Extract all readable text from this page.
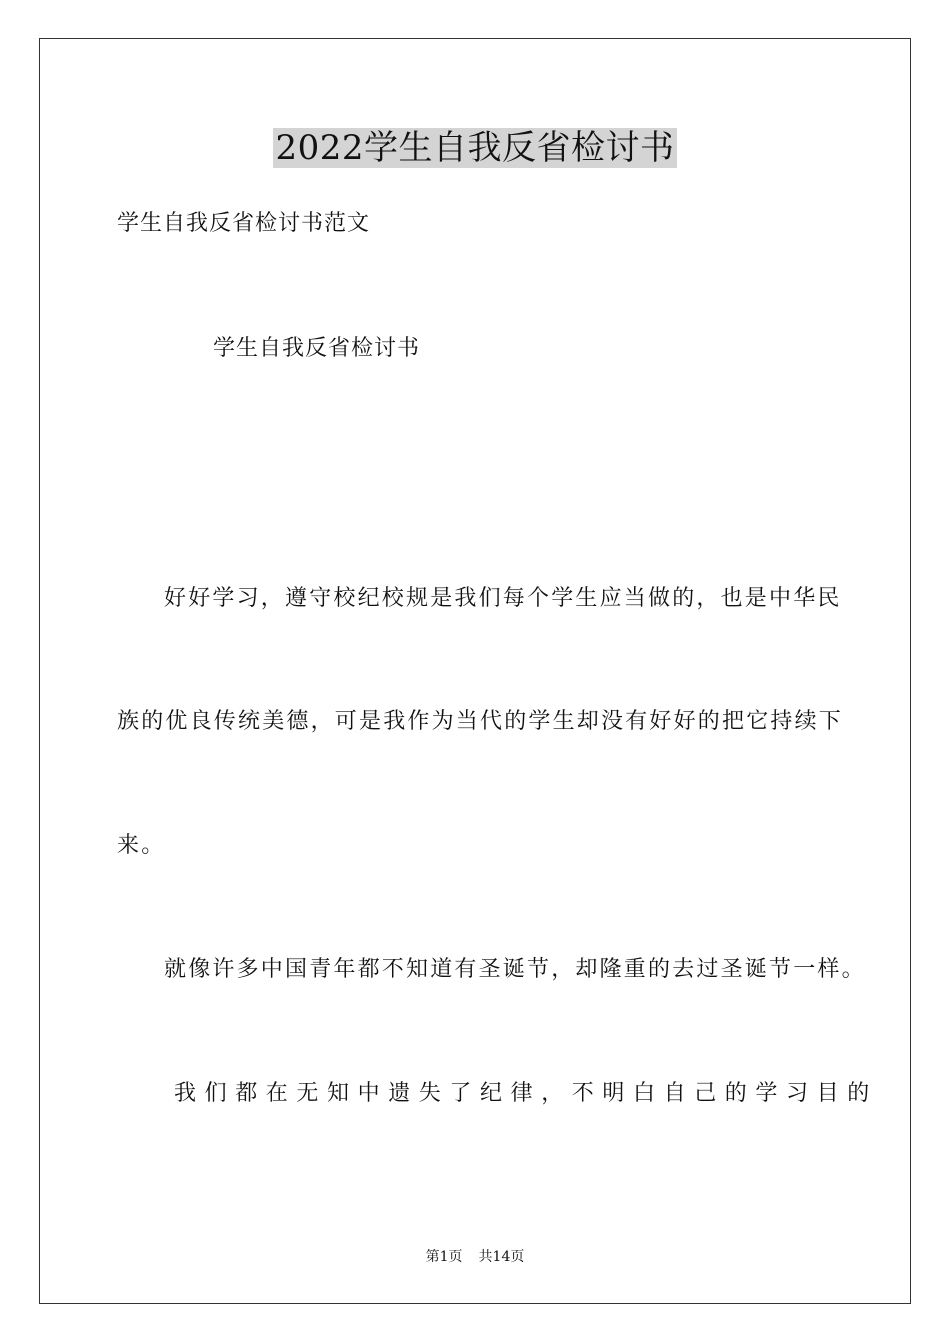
2022学生自我反省检讨书

学生自我反省检讨书范文

学生自我反省检讨书

好好学习，遵守校纪校规是我们每个学生应当做的，也是中华民

族的优良传统美德，可是我作为当代的学生却没有好好的把它持续下

来。

就像许多中国青年都不知道有圣诞节，却隆重的去过圣诞节一样。

我们都在无知中遗失了纪律，不明白自己的学习目的

第1页 共14页
